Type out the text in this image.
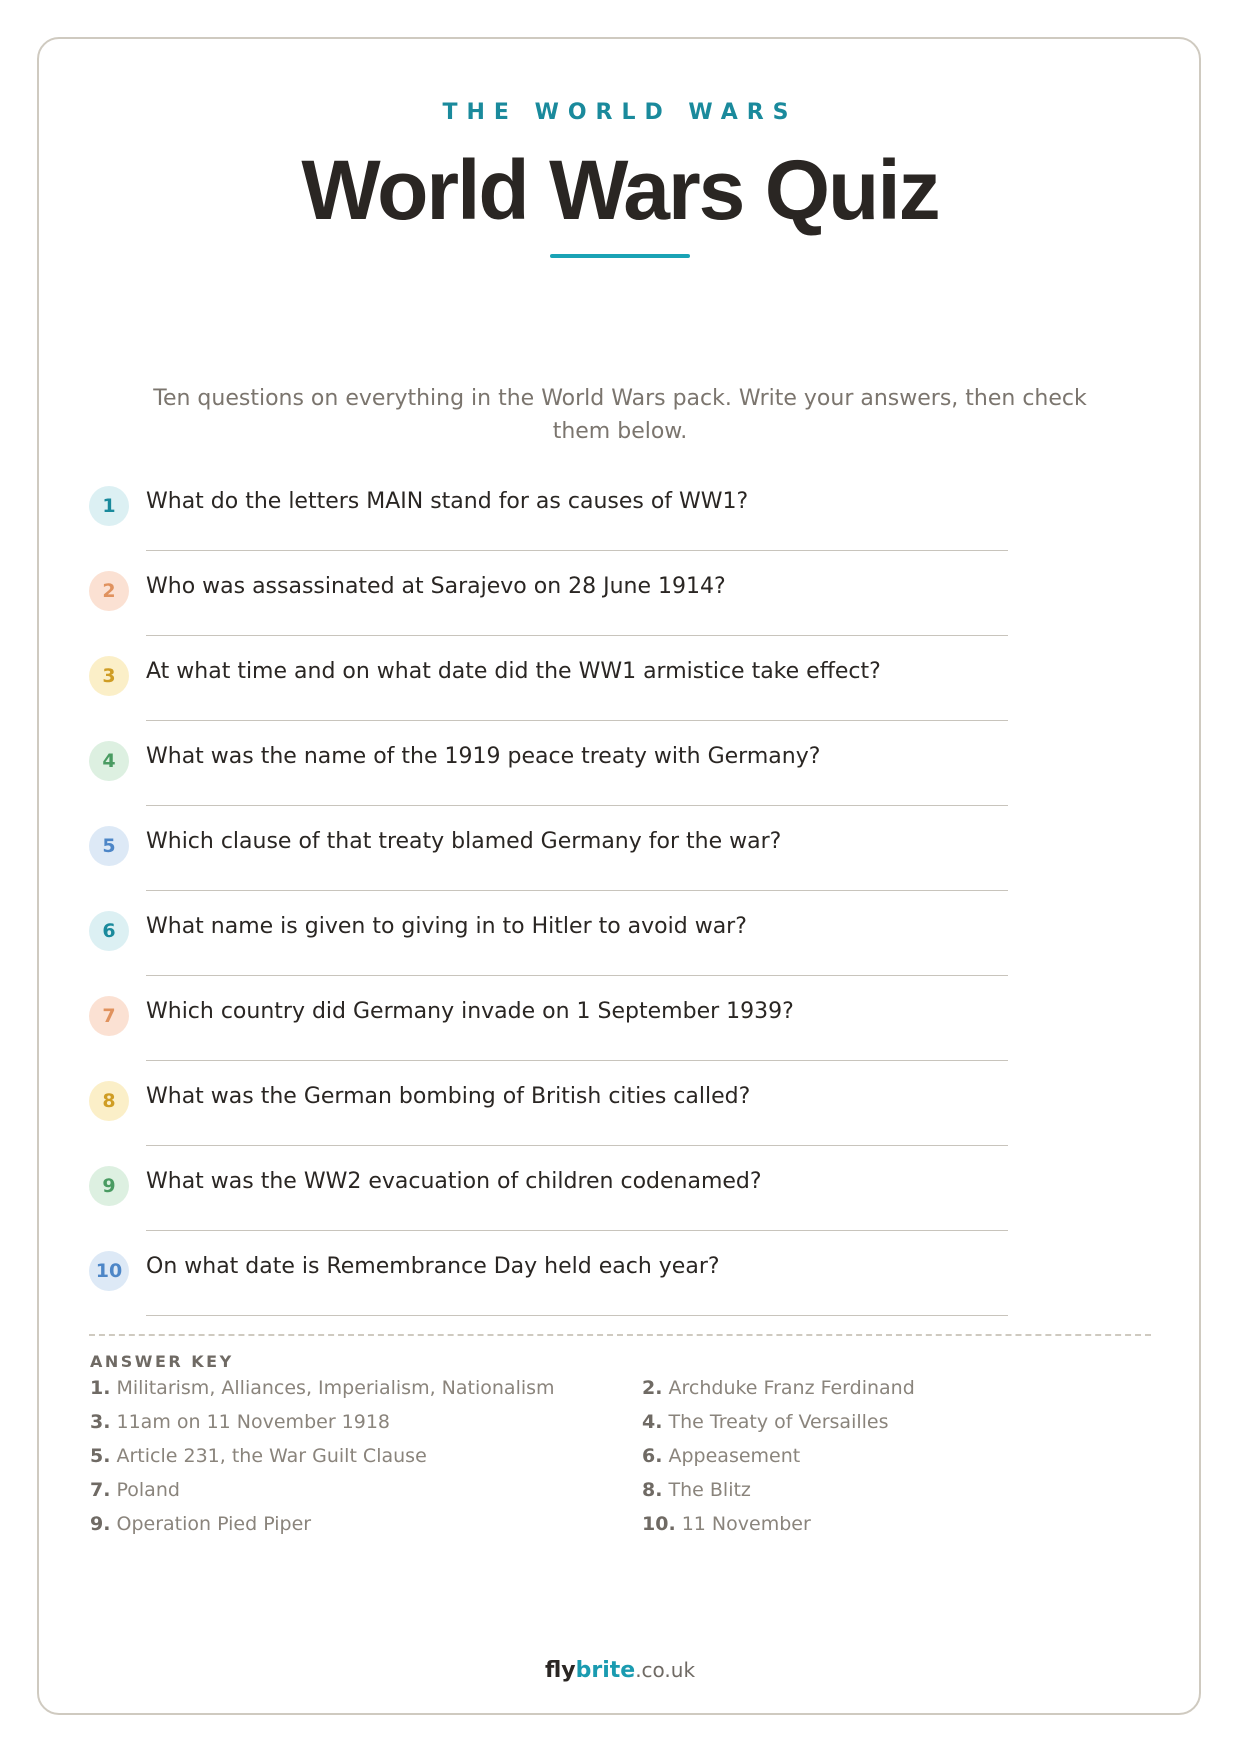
THE WORLD WARS
World Wars Quiz
Ten questions on everything in the World Wars pack. Write your answers, then check them below.
1	What do the letters MAIN stand for as causes of WW1?
2	Who was assassinated at Sarajevo on 28 June 1914?
3	At what time and on what date did the WW1 armistice take effect?
4	What was the name of the 1919 peace treaty with Germany?
5	Which clause of that treaty blamed Germany for the war?
6	What name is given to giving in to Hitler to avoid war?
7	Which country did Germany invade on 1 September 1939?
8	What was the German bombing of British cities called?
9	What was the WW2 evacuation of children codenamed?
10	On what date is Remembrance Day held each year?
ANSWER KEY
1. Militarism, Alliances, Imperialism, Nationalism	2. Archduke Franz Ferdinand
3. 11am on 11 November 1918	4. The Treaty of Versailles
5. Article 231, the War Guilt Clause	6. Appeasement
7. Poland	8. The Blitz
9. Operation Pied Piper	10. 11 November
flybrite.co.uk
